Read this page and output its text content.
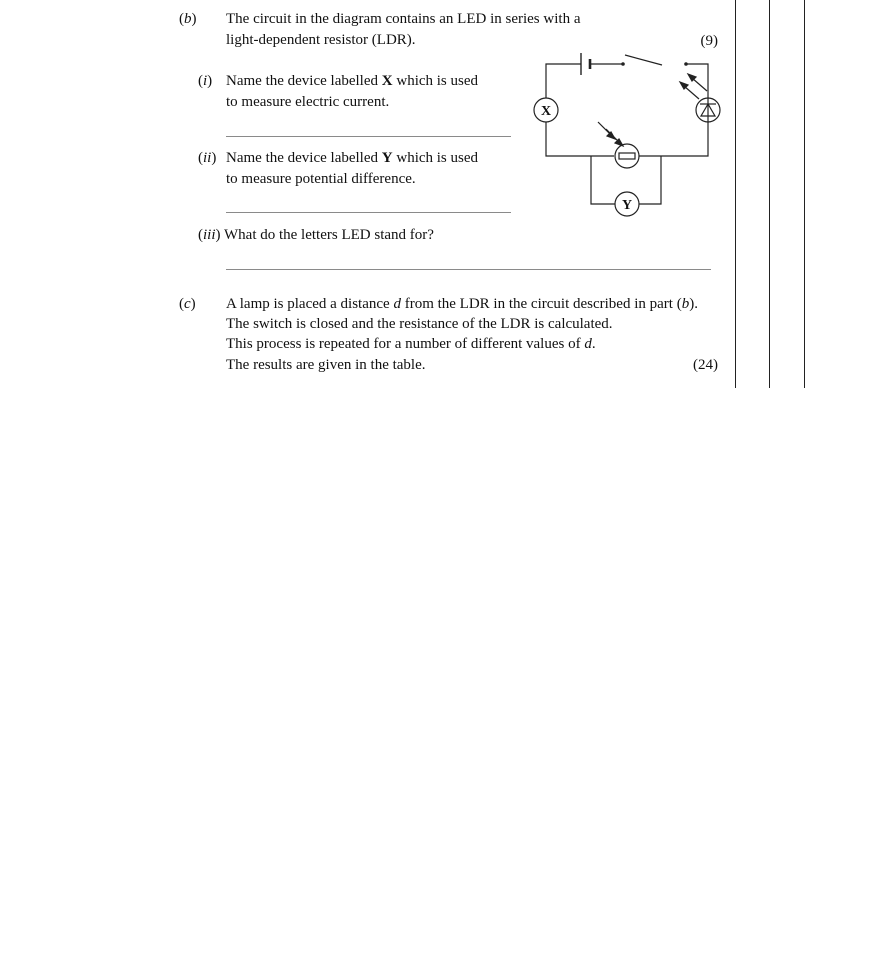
(b) The circuit in the diagram contains an LED in series with a
light-dependent resistor (LDR).	(9)
(i) Name the device labelled X which is used
to measure electric current.
(ii) Name the device labelled Y which is used
to measure potential difference.
(iii) What do the letters LED stand for?
(c) A lamp is placed a distance d from the LDR in the circuit described in part (b).
The switch is closed and the resistance of the LDR is calculated.
This process is repeated for a number of different values of d.
The results are given in the table.	(24)
X
Y
